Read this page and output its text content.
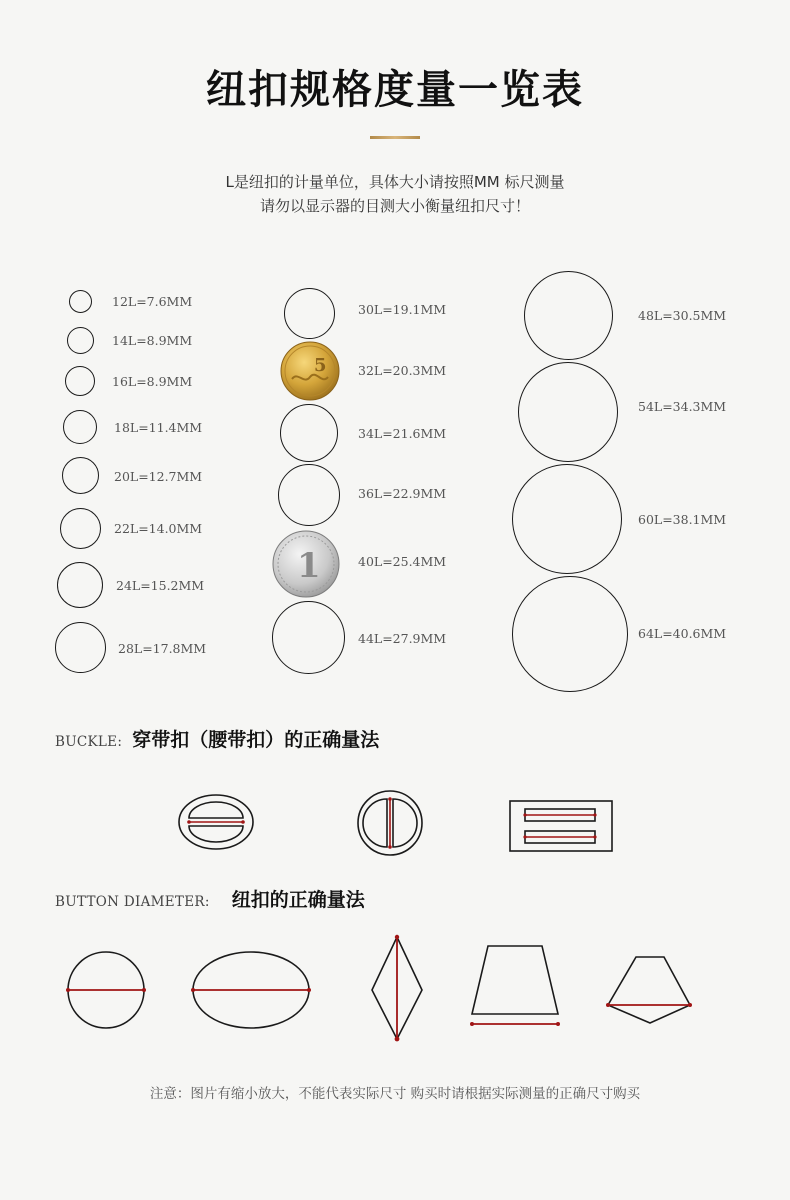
纽扣规格度量一览表
L是纽扣的计量单位，具体大小请按照MM 标尺测量
请勿以显示器的目测大小衡量纽扣尺寸！
12L=7.6MM
14L=8.9MM
16L=8.9MM
18L=11.4MM
20L=12.7MM
22L=14.0MM
24L=15.2MM
28L=17.8MM
30L=19.1MM
5	32L=20.3MM
34L=21.6MM
36L=22.9MM
1	40L=25.4MM
44L=27.9MM
48L=30.5MM
54L=34.3MM
60L=38.1MM
64L=40.6MM
BUCKLE: 穿带扣（腰带扣）的正确量法
BUTTON DIAMETER: 纽扣的正确量法
注意：图片有缩小放大，不能代表实际尺寸 购买时请根据实际测量的正确尺寸购买
